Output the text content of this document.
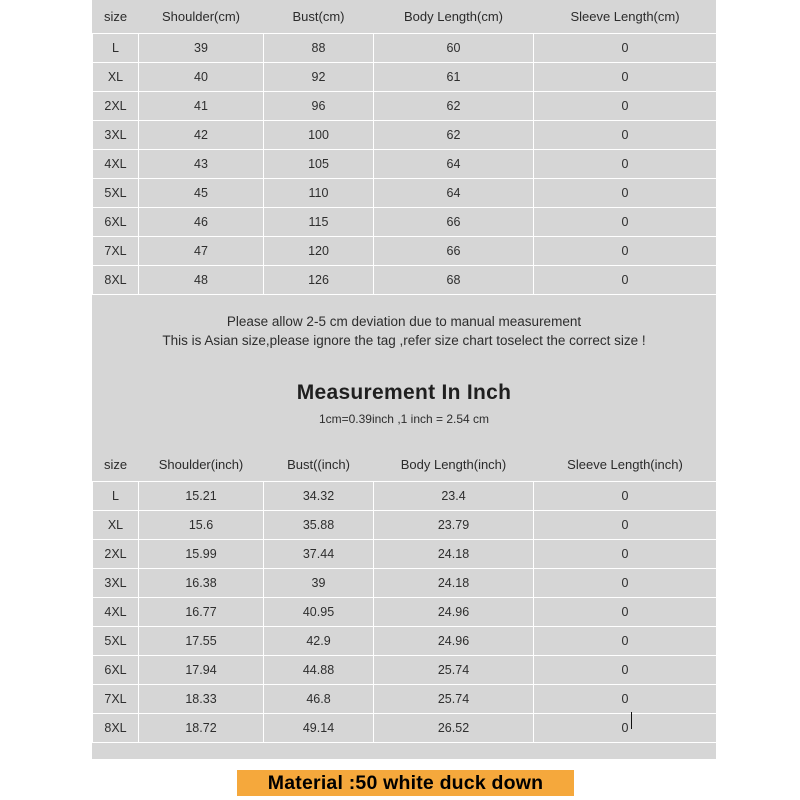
size	Shoulder(cm)	Bust(cm)	Body Length(cm)	Sleeve Length(cm)
L	39	88	60	0
XL	40	92	61	0
2XL	41	96	62	0
3XL	42	100	62	0
4XL	43	105	64	0
5XL	45	110	64	0
6XL	46	115	66	0
7XL	47	120	66	0
8XL	48	126	68	0
Please allow 2-5 cm deviation due to manual measurement
This is Asian size,please ignore the tag ,refer size chart toselect the correct size !
Measurement In Inch
1cm=0.39inch ,1 inch = 2.54 cm
size	Shoulder(inch)	Bust((inch)	Body Length(inch)	Sleeve Length(inch)
L	15.21	34.32	23.4	0
XL	15.6	35.88	23.79	0
2XL	15.99	37.44	24.18	0
3XL	16.38	39	24.18	0
4XL	16.77	40.95	24.96	0
5XL	17.55	42.9	24.96	0
6XL	17.94	44.88	25.74	0
7XL	18.33	46.8	25.74	0
8XL	18.72	49.14	26.52	0
Material :50 white duck down
